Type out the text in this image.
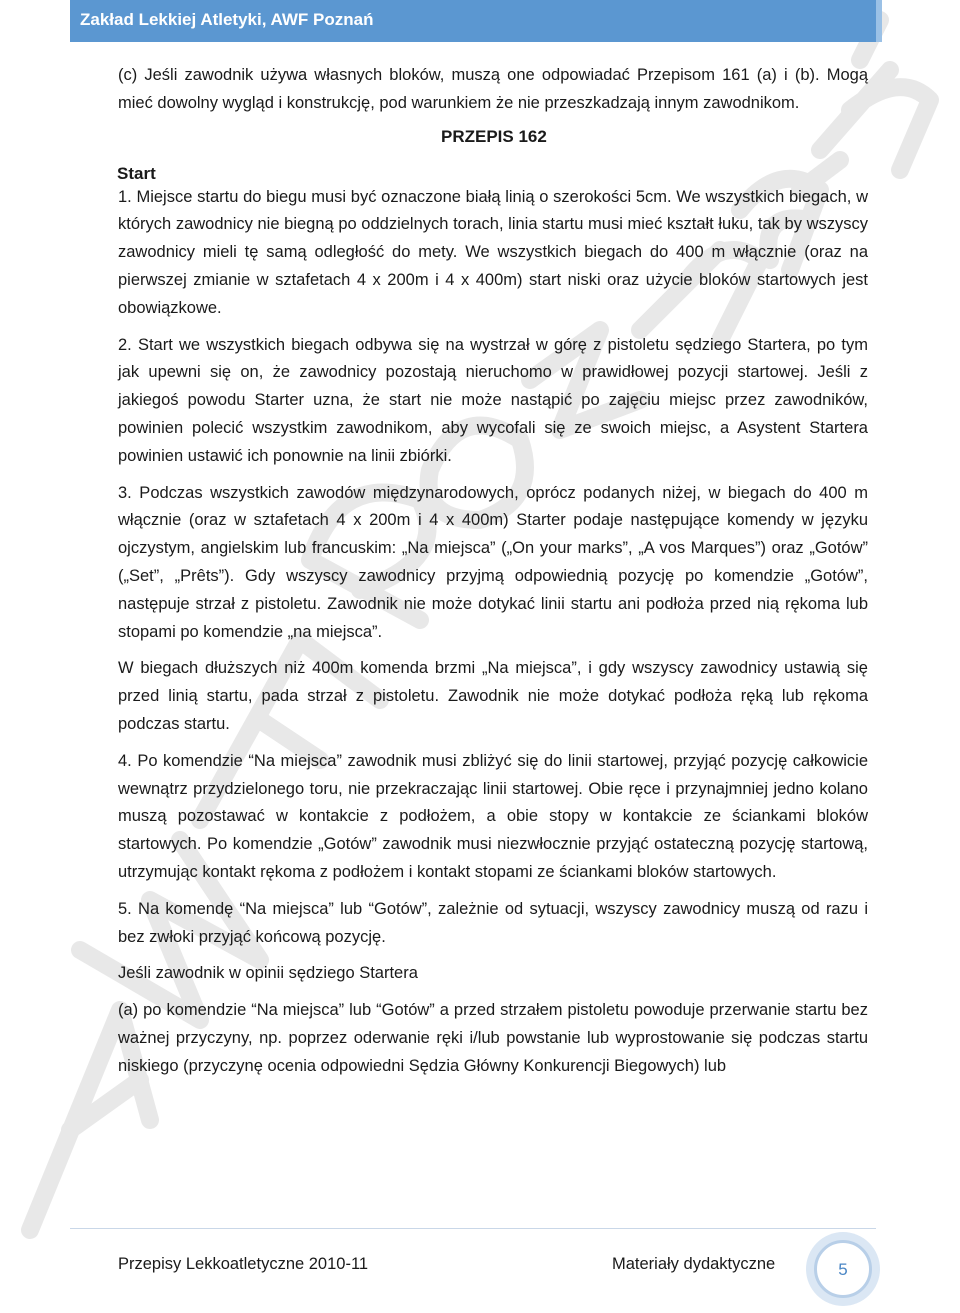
Zakład Lekkiej Atletyki, AWF Poznań

(c) Jeśli zawodnik używa własnych bloków, muszą one odpowiadać Przepisom 161 (a) i (b). Mogą mieć dowolny wygląd i konstrukcję, pod warunkiem że nie przeszkadzają innym zawodnikom.

PRZEPIS 162
Start

1. Miejsce startu do biegu musi być oznaczone białą linią o szerokości 5cm. We wszystkich biegach, w których zawodnicy nie biegną po oddzielnych torach, linia startu musi mieć kształt łuku, tak by wszyscy zawodnicy mieli tę samą odległość do mety. We wszystkich biegach do 400 m włącznie (oraz na pierwszej zmianie w sztafetach 4 x 200m i 4 x 400m) start niski oraz użycie bloków startowych jest obowiązkowe.

2. Start we wszystkich biegach odbywa się na wystrzał w górę z pistoletu sędziego Startera, po tym jak upewni się on, że zawodnicy pozostają nieruchomo w prawidłowej pozycji startowej. Jeśli z jakiegoś powodu Starter uzna, że start nie może nastąpić po zajęciu miejsc przez zawodników, powinien polecić wszystkim zawodnikom, aby wycofali się ze swoich miejsc, a Asystent Startera powinien ustawić ich ponownie na linii zbiórki.

3. Podczas wszystkich zawodów międzynarodowych, oprócz podanych niżej, w biegach do 400 m włącznie (oraz w sztafetach 4 x 200m i 4 x 400m) Starter podaje następujące komendy w języku ojczystym, angielskim lub francuskim: „Na miejsca” („On your marks”, „A vos Marques”) oraz „Gotów” („Set”, „Prêts”). Gdy wszyscy zawodnicy przyjmą odpowiednią pozycję po komendzie „Gotów”, następuje strzał z pistoletu. Zawodnik nie może dotykać linii startu ani podłoża przed nią rękoma lub stopami po komendzie „na miejsca”.

W biegach dłuższych niż 400m komenda brzmi „Na miejsca”, i gdy wszyscy zawodnicy ustawią się przed linią startu, pada strzał z pistoletu. Zawodnik nie może dotykać podłoża ręką lub rękoma podczas startu.

4. Po komendzie “Na miejsca” zawodnik musi zbliżyć się do linii startowej, przyjąć pozycję całkowicie wewnątrz przydzielonego toru, nie przekraczając linii startowej. Obie ręce i przynajmniej jedno kolano muszą pozostawać w kontakcie z podłożem, a obie stopy w kontakcie ze ściankami bloków startowych. Po komendzie „Gotów” zawodnik musi niezwłocznie przyjąć ostateczną pozycję startową, utrzymując kontakt rękoma z podłożem i kontakt stopami ze ściankami bloków startowych.

5. Na komendę “Na miejsca” lub “Gotów”, zależnie od sytuacji, wszyscy zawodnicy muszą od razu i bez zwłoki przyjąć końcową pozycję.

Jeśli zawodnik w opinii sędziego Startera

(a) po komendzie “Na miejsca” lub “Gotów” a przed strzałem pistoletu powoduje przerwanie startu bez ważnej przyczyny, np. poprzez oderwanie ręki i/lub powstanie lub wyprostowanie się podczas startu niskiego (przyczynę ocenia odpowiedni Sędzia Główny Konkurencji Biegowych) lub

Przepisy Lekkoatletyczne 2010-11	Materiały dydaktyczne	5
